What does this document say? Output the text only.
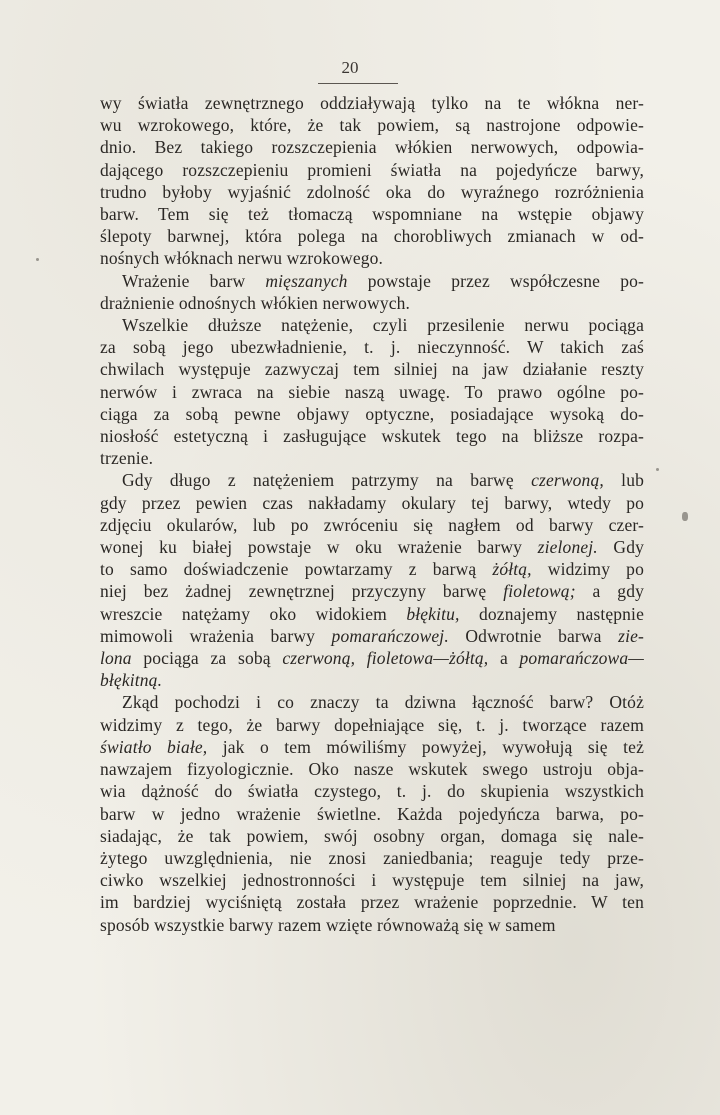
20

wy światła zewnętrznego oddziaływają tylko na te włókna ner-
wu wzrokowego, które, że tak powiem, są nastrojone odpowie-
dnio. Bez takiego rozszczepienia włókien nerwowych, odpowia-
dającego rozszczepieniu promieni światła na pojedyńcze barwy,
trudno byłoby wyjaśnić zdolność oka do wyraźnego rozróżnienia
barw. Tem się też tłomaczą wspomniane na wstępie objawy
ślepoty barwnej, która polega na chorobliwych zmianach w od-
nośnych włóknach nerwu wzrokowego.

Wrażenie barw mięszanych powstaje przez współczesne po-
drażnienie odnośnych włókien nerwowych.

Wszelkie dłuższe natężenie, czyli przesilenie nerwu pociąga
za sobą jego ubezwładnienie, t. j. nieczynność. W takich zaś
chwilach występuje zazwyczaj tem silniej na jaw działanie reszty
nerwów i zwraca na siebie naszą uwagę. To prawo ogólne po-
ciąga za sobą pewne objawy optyczne, posiadające wysoką do-
niosłość estetyczną i zasługujące wskutek tego na bliższe rozpa-
trzenie.

Gdy długo z natężeniem patrzymy na barwę czerwoną, lub
gdy przez pewien czas nakładamy okulary tej barwy, wtedy po
zdjęciu okularów, lub po zwróceniu się nagłem od barwy czer-
wonej ku białej powstaje w oku wrażenie barwy zielonej. Gdy
to samo doświadczenie powtarzamy z barwą żółtą, widzimy po
niej bez żadnej zewnętrznej przyczyny barwę fioletową; a gdy
wreszcie natężamy oko widokiem błękitu, doznajemy następnie
mimowoli wrażenia barwy pomarańczowej. Odwrotnie barwa zie-
lona pociąga za sobą czerwoną, fioletowa—żółtą, a pomarańczowa—
błękitną.

Zkąd pochodzi i co znaczy ta dziwna łączność barw? Otóż
widzimy z tego, że barwy dopełniające się, t. j. tworzące razem
światło białe, jak o tem mówiliśmy powyżej, wywołują się też
nawzajem fizyologicznie. Oko nasze wskutek swego ustroju obja-
wia dążność do światła czystego, t. j. do skupienia wszystkich
barw w jedno wrażenie świetlne. Każda pojedyńcza barwa, po-
siadając, że tak powiem, swój osobny organ, domaga się nale-
żytego uwzględnienia, nie znosi zaniedbania; reaguje tedy prze-
ciwko wszelkiej jednostronności i występuje tem silniej na jaw,
im bardziej wyciśniętą została przez wrażenie poprzednie. W ten
sposób wszystkie barwy razem wzięte równoważą się w samem
